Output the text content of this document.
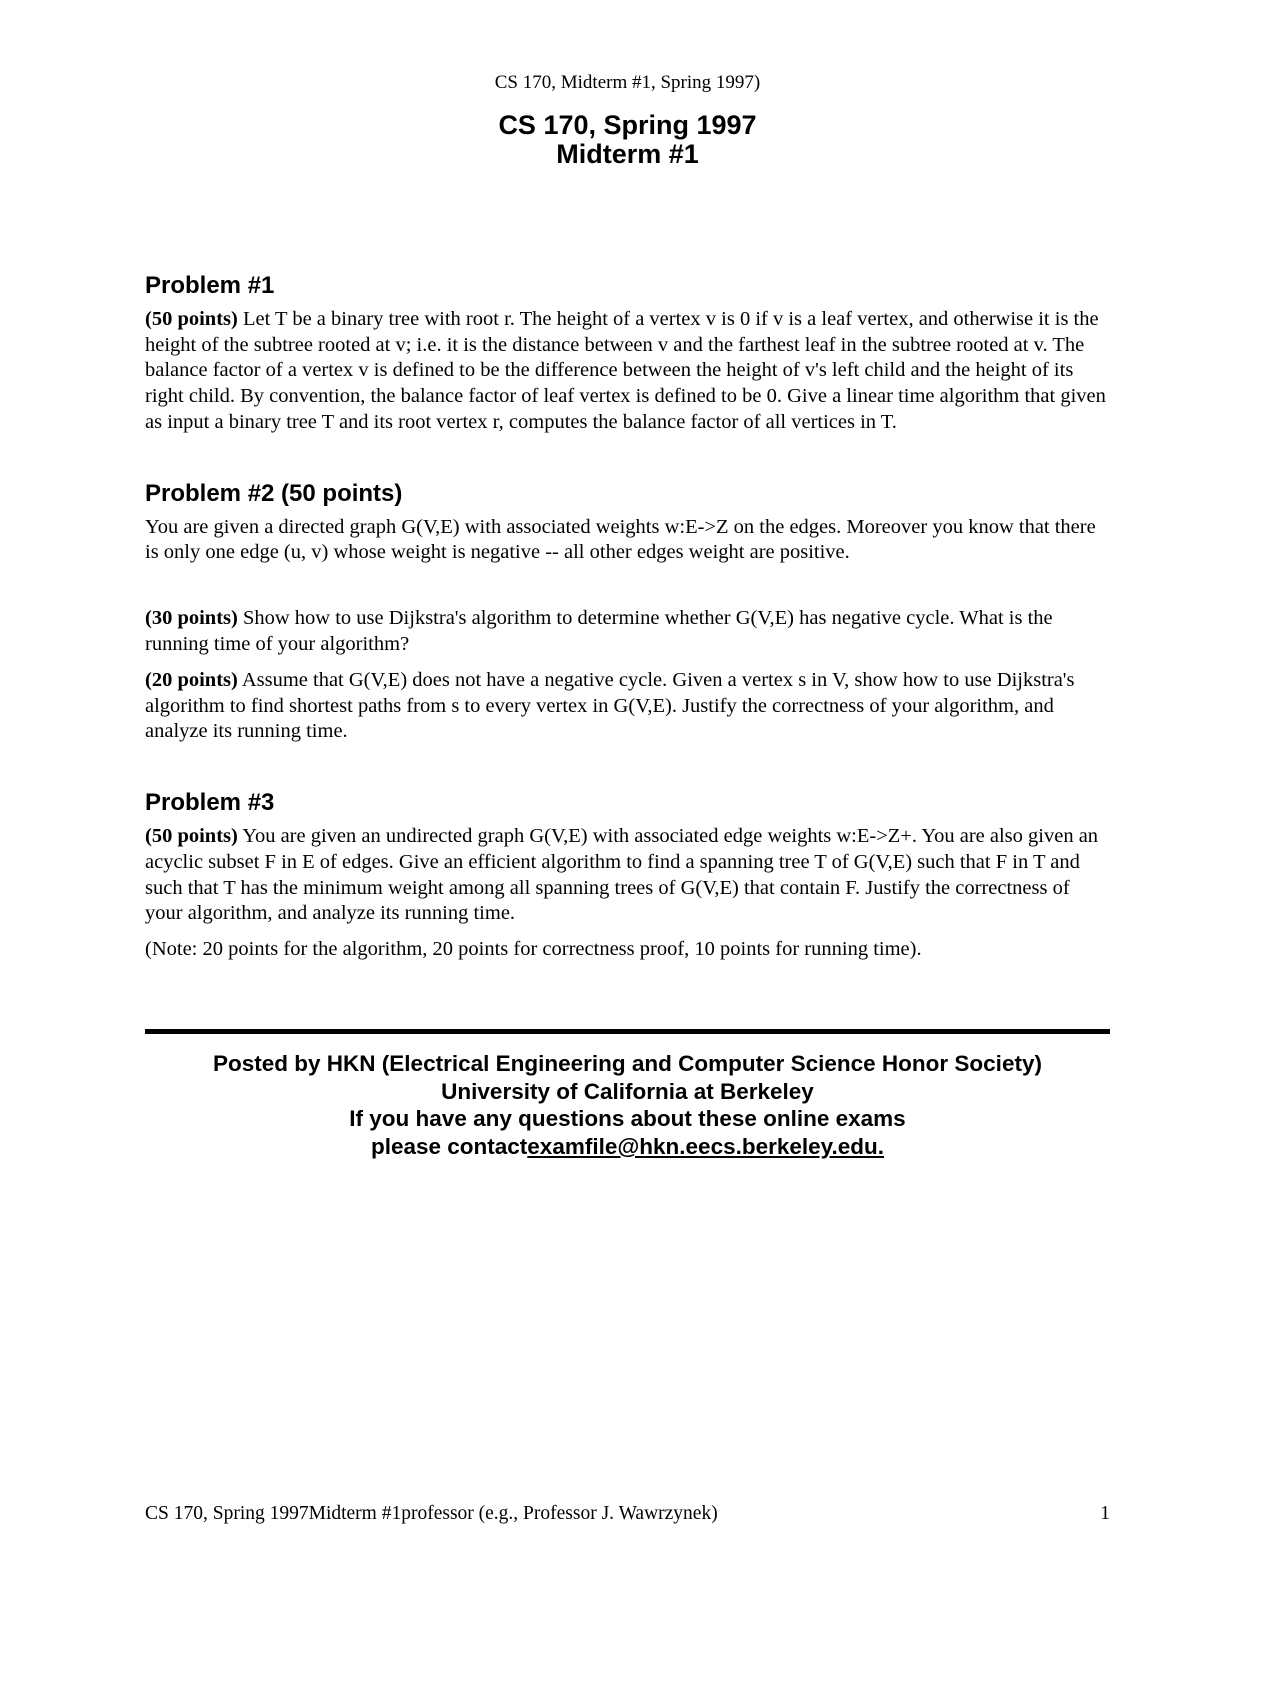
CS 170, Midterm #1, Spring 1997)
CS 170, Spring 1997
Midterm #1
Problem #1

(50 points) Let T be a binary tree with root r. The height of a vertex v is 0 if v is a leaf vertex, and otherwise it is the height of the subtree rooted at v; i.e. it is the distance between v and the farthest leaf in the subtree rooted at v. The balance factor of a vertex v is defined to be the difference between the height of v's left child and the height of its right child. By convention, the balance factor of leaf vertex is defined to be 0. Give a linear time algorithm that given as input a binary tree T and its root vertex r, computes the balance factor of all vertices in T.

Problem #2 (50 points)

You are given a directed graph G(V,E) with associated weights w:E->Z on the edges. Moreover you know that there is only one edge (u, v) whose weight is negative -- all other edges weight are positive.

(30 points) Show how to use Dijkstra's algorithm to determine whether G(V,E) has negative cycle. What is the running time of your algorithm?

(20 points) Assume that G(V,E) does not have a negative cycle. Given a vertex s in V, show how to use Dijkstra's algorithm to find shortest paths from s to every vertex in G(V,E). Justify the correctness of your algorithm, and analyze its running time.

Problem #3

(50 points) You are given an undirected graph G(V,E) with associated edge weights w:E->Z+. You are also given an acyclic subset F in E of edges. Give an efficient algorithm to find a spanning tree T of G(V,E) such that F in T and such that T has the minimum weight among all spanning trees of G(V,E) that contain F. Justify the correctness of your algorithm, and analyze its running time.

(Note: 20 points for the algorithm, 20 points for correctness proof, 10 points for running time).

Posted by HKN (Electrical Engineering and Computer Science Honor Society)
University of California at Berkeley
If you have any questions about these online exams
please contactexamfile@hkn.eecs.berkeley.edu.
CS 170, Spring 1997Midterm #1professor (e.g., Professor J. Wawrzynek)	1
